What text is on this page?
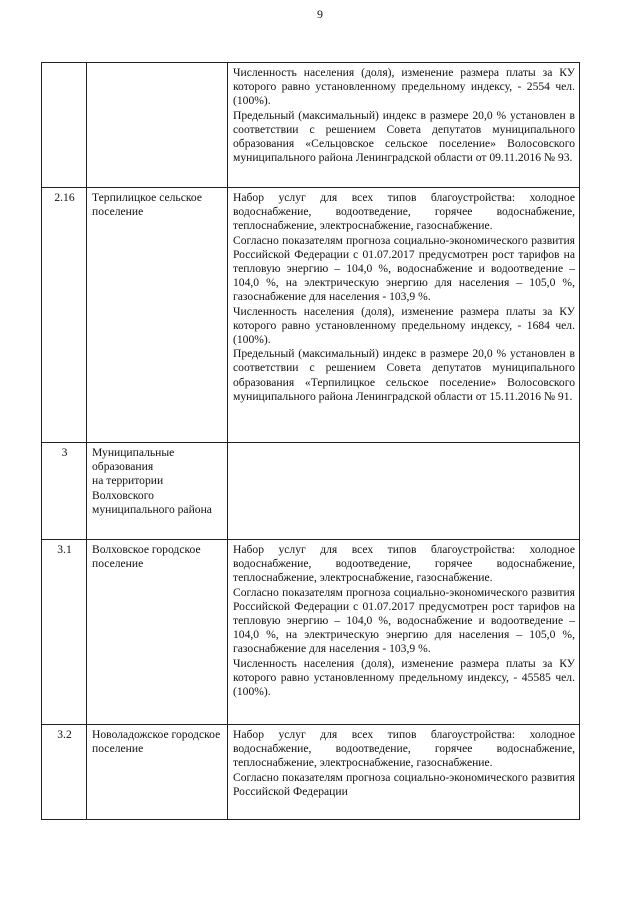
9

		Численность населения (доля), изменение размера платы за КУ которого равно установленному предельному индексу, - 2554 чел. (100%).

Предельный (максимальный) индекс в размере 20,0 % установлен в соответствии с решением Совета депутатов муниципального образования «Сельцовское сельское поселение» Волосовского муниципального района Ленинградской области от 09.11.2016 № 93.

2.16	Терпилицкое сельское поселение	Набор услуг для всех типов благоустройства: холодное водоснабжение, водоотведение, горячее водоснабжение, теплоснабжение, электроснабжение, газоснабжение.

Согласно показателям прогноза социально-экономического развития Российской Федерации с 01.07.2017 предусмотрен рост тарифов на тепловую энергию – 104,0 %, водоснабжение и водоотведение – 104,0 %, на электрическую энергию для населения – 105,0 %, газоснабжение для населения - 103,9 %.

Численность населения (доля), изменение размера платы за КУ которого равно установленному предельному индексу, - 1684 чел. (100%).

Предельный (максимальный) индекс в размере 20,0 % установлен в соответствии с решением Совета депутатов муниципального образования «Терпилицкое сельское поселение» Волосовского муниципального района Ленинградской области от 15.11.2016 № 91.

3	Муниципальные
образования
на территории
Волховского
муниципального района	
3.1	Волховское городское поселение	Набор услуг для всех типов благоустройства: холодное водоснабжение, водоотведение, горячее водоснабжение, теплоснабжение, электроснабжение, газоснабжение.

Согласно показателям прогноза социально-экономического развития Российской Федерации с 01.07.2017 предусмотрен рост тарифов на тепловую энергию – 104,0 %, водоснабжение и водоотведение – 104,0 %, на электрическую энергию для населения – 105,0 %, газоснабжение для населения - 103,9 %.

Численность населения (доля), изменение размера платы за КУ которого равно установленному предельному индексу, - 45585 чел. (100%).

3.2	Новоладожское городское поселение	Набор услуг для всех типов благоустройства: холодное водоснабжение, водоотведение, горячее водоснабжение, теплоснабжение, электроснабжение, газоснабжение.

Согласно показателям прогноза социально-экономического развития Российской Федерации
